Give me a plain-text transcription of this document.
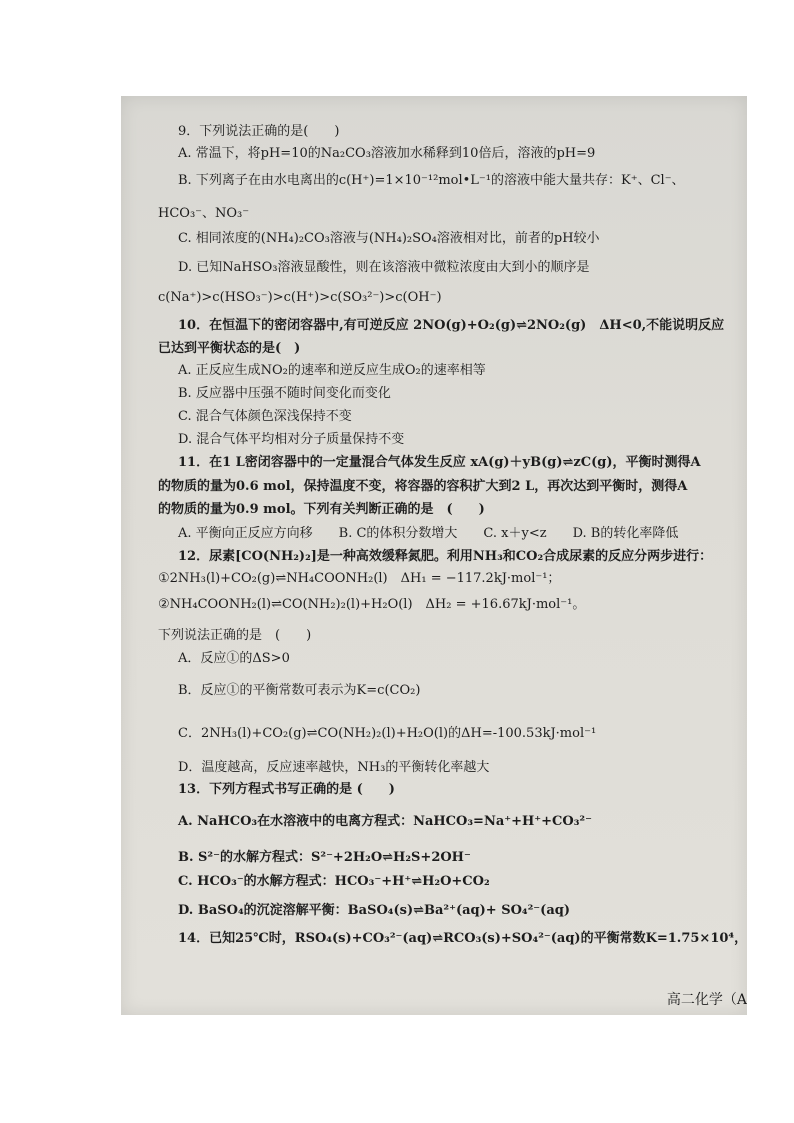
9．下列说法正确的是(　　)
A. 常温下，将pH=10的Na₂CO₃溶液加水稀释到10倍后，溶液的pH=9
B. 下列离子在由水电离出的c(H⁺)=1×10⁻¹²mol•L⁻¹的溶液中能大量共存：K⁺、Cl⁻、
HCO₃⁻、NO₃⁻
C. 相同浓度的(NH₄)₂CO₃溶液与(NH₄)₂SO₄溶液相对比，前者的pH较小
D. 已知NaHSO₃溶液显酸性，则在该溶液中微粒浓度由大到小的顺序是
c(Na⁺)>c(HSO₃⁻)>c(H⁺)>c(SO₃²⁻)>c(OH⁻)
10．在恒温下的密闭容器中,有可逆反应 2NO(g)+O₂(g)⇌2NO₂(g)　ΔH<0,不能说明反应
已达到平衡状态的是(　)
A. 正反应生成NO₂的速率和逆反应生成O₂的速率相等
B. 反应器中压强不随时间变化而变化
C. 混合气体颜色深浅保持不变
D. 混合气体平均相对分子质量保持不变
11．在1 L密闭容器中的一定量混合气体发生反应 xA(g)＋yB(g)⇌zC(g)，平衡时测得A
的物质的量为0.6 mol，保持温度不变，将容器的容积扩大到2 L，再次达到平衡时，测得A
的物质的量为0.9 mol。下列有关判断正确的是　(　　)
A. 平衡向正反应方向移　　B. C的体积分数增大　　C. x＋y<z　　D. B的转化率降低
12．尿素[CO(NH₂)₂]是一种高效缓释氮肥。利用NH₃和CO₂合成尿素的反应分两步进行：
①2NH₃(l)+CO₂(g)⇌NH₄COONH₂(l)　ΔH₁ = −117.2kJ·mol⁻¹；
②NH₄COONH₂(l)⇌CO(NH₂)₂(l)+H₂O(l)　ΔH₂ = +16.67kJ·mol⁻¹。
下列说法正确的是　(　　)
A．反应①的ΔS>0
B．反应①的平衡常数可表示为K=c(CO₂)
C．2NH₃(l)+CO₂(g)⇌CO(NH₂)₂(l)+H₂O(l)的ΔH=-100.53kJ·mol⁻¹
D．温度越高，反应速率越快，NH₃的平衡转化率越大
13．下列方程式书写正确的是 (　　)
A. NaHCO₃在水溶液中的电离方程式：NaHCO₃=Na⁺+H⁺+CO₃²⁻
B. S²⁻的水解方程式：S²⁻+2H₂O⇌H₂S+2OH⁻
C. HCO₃⁻的水解方程式：HCO₃⁻+H⁺⇌H₂O+CO₂
D. BaSO₄的沉淀溶解平衡：BaSO₄(s)⇌Ba²⁺(aq)+ SO₄²⁻(aq)
14．已知25℃时，RSO₄(s)+CO₃²⁻(aq)⇌RCO₃(s)+SO₄²⁻(aq)的平衡常数K=1.75×10⁴，
高二化学（A
